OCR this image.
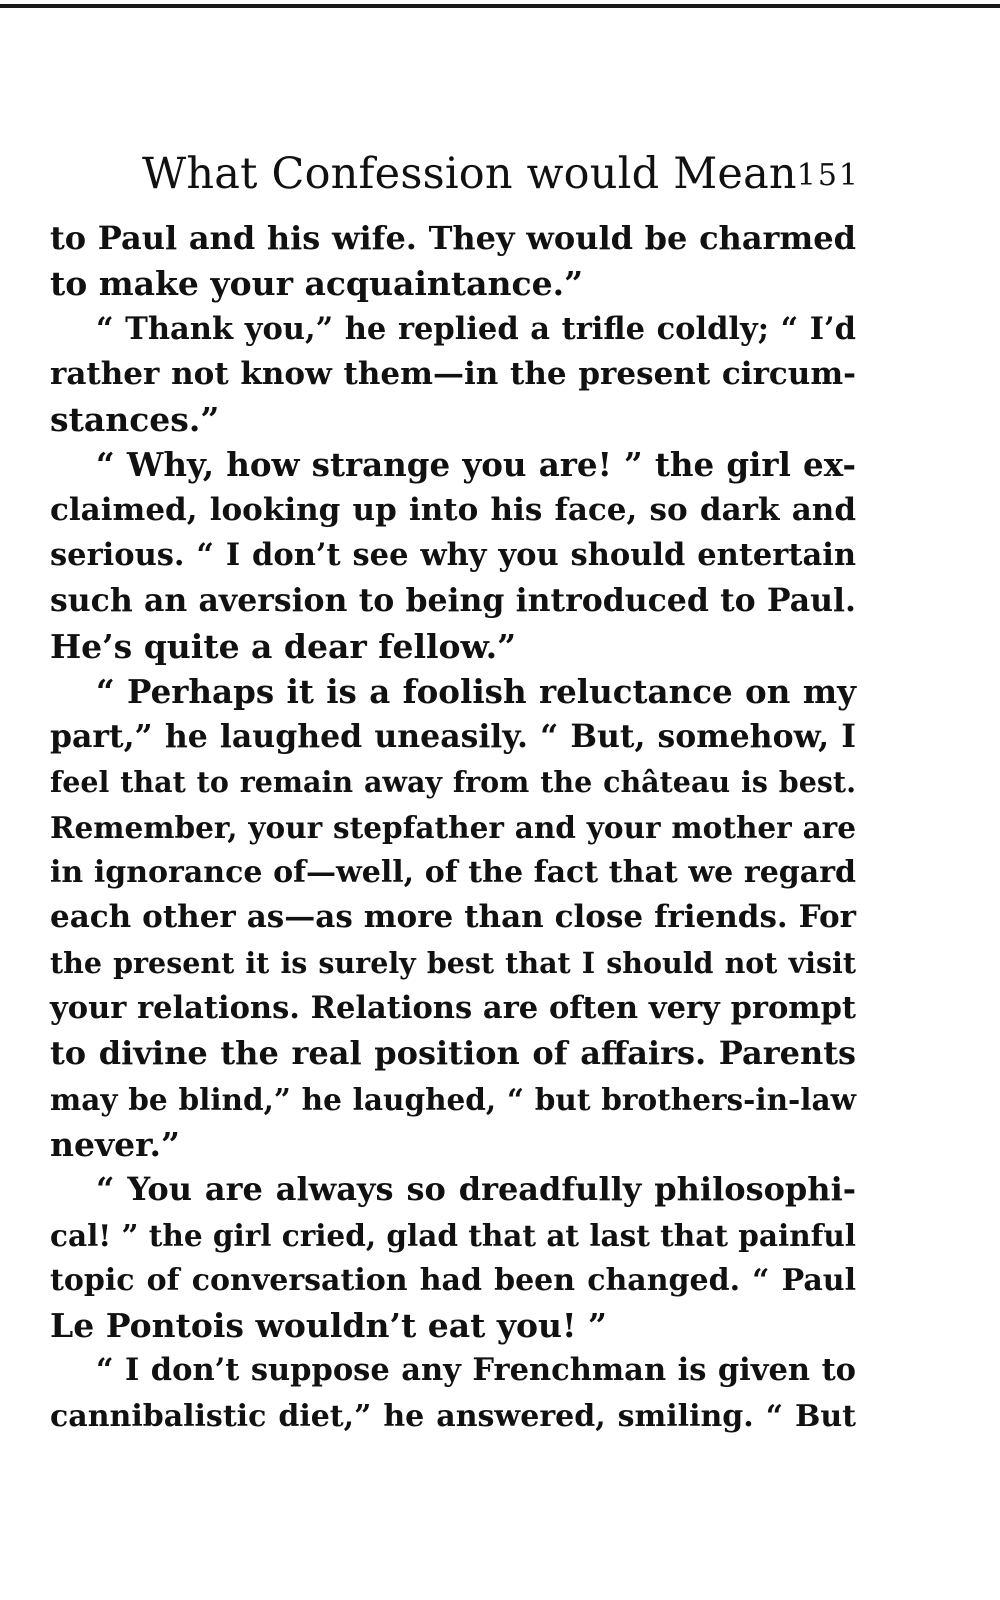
What Confession would Mean 151
to Paul and his wife. They would be charmed
to make your acquaintance.”
“ Thank you,” he replied a trifle coldly; “ I’d
rather not know them—in the present circum-
stances.”
“ Why, how strange you are! ” the girl ex-
claimed, looking up into his face, so dark and
serious. “ I don’t see why you should entertain
such an aversion to being introduced to Paul.
He’s quite a dear fellow.”
“ Perhaps it is a foolish reluctance on my
part,” he laughed uneasily. “ But, somehow, I
feel that to remain away from the château is best.
Remember, your stepfather and your mother are
in ignorance of—well, of the fact that we regard
each other as—as more than close friends. For
the present it is surely best that I should not visit
your relations. Relations are often very prompt
to divine the real position of affairs. Parents
may be blind,” he laughed, “ but brothers-in-law
never.”
“ You are always so dreadfully philosophi-
cal! ” the girl cried, glad that at last that painful
topic of conversation had been changed. “ Paul
Le Pontois wouldn’t eat you! ”
“ I don’t suppose any Frenchman is given to
cannibalistic diet,” he answered, smiling. “ But
